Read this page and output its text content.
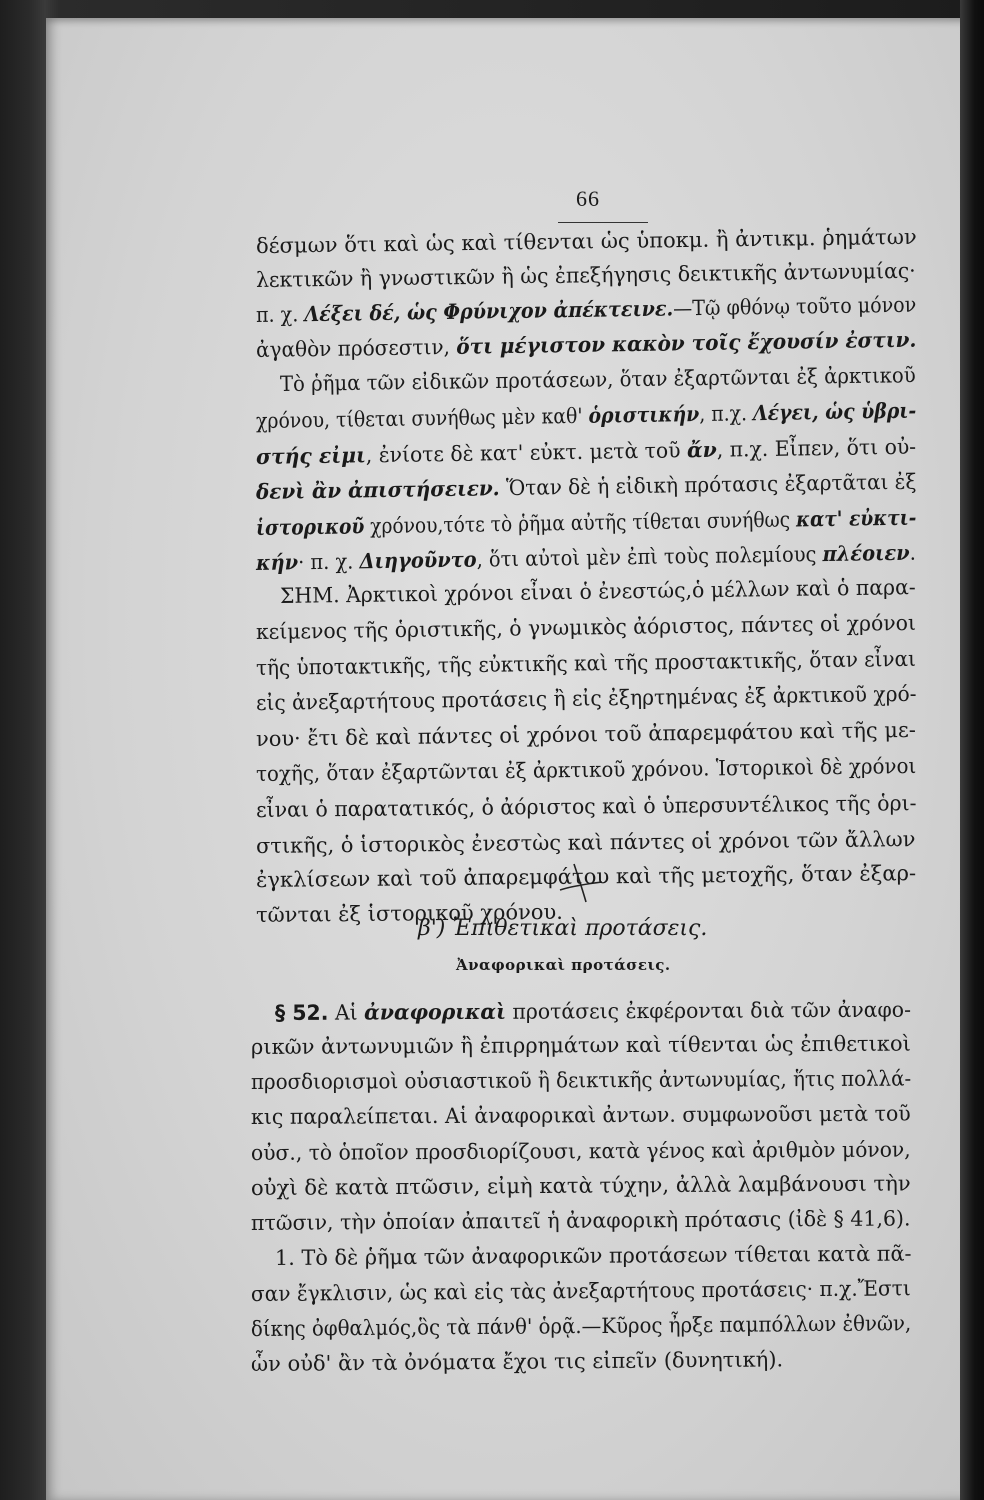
66
β') Ἐπιθετικαὶ προτάσεις.
Ἀναφορικαὶ προτάσεις.
δέσμων ὅτι καὶ ὡς καὶ τίθενται ὡς ὑποκμ. ἢ ἀντικμ. ῥημάτων
λεκτικῶν ἢ γνωστικῶν ἢ ὡς ἐπεξήγησις δεικτικῆς ἀντωνυμίας·
π. χ. Λέξει δέ, ὡς Φρύνιχον ἀπέκτεινε.—Τῷ φθόνῳ τοῦτο μόνον
ἀγαθὸν πρόσεστιν, ὅτι μέγιστον κακὸν τοῖς ἔχουσίν ἐστιν.
Τὸ ῥῆμα τῶν εἰδικῶν προτάσεων, ὅταν ἐξαρτῶνται ἐξ ἀρκτικοῦ
χρόνου, τίθεται συνήθως μὲν καθ' ὁριστικήν, π.χ. Λέγει, ὡς ὑβρι-
στής εἰμι, ἐνίοτε δὲ κατ' εὐκτ. μετὰ τοῦ ἄν, π.χ. Εἶπεν, ὅτι οὐ-
δενὶ ἂν ἀπιστήσειεν. Ὅταν δὲ ἡ εἰδικὴ πρότασις ἐξαρτᾶται ἐξ
ἱστορικοῦ χρόνου,τότε τὸ ῥῆμα αὐτῆς τίθεται συνήθως κατ' εὐκτι-
κήν· π. χ. Διηγοῦντο, ὅτι αὐτοὶ μὲν ἐπὶ τοὺς πολεμίους πλέοιεν.
ΣΗΜ. Ἀρκτικοὶ χρόνοι εἶναι ὁ ἐνεστώς,ὁ μέλλων καὶ ὁ παρα-
κείμενος τῆς ὁριστικῆς, ὁ γνωμικὸς ἀόριστος, πάντες οἱ χρόνοι
τῆς ὑποτακτικῆς, τῆς εὐκτικῆς καὶ τῆς προστακτικῆς, ὅταν εἶναι
εἰς ἀνεξαρτήτους προτάσεις ἢ εἰς ἐξηρτημένας ἐξ ἀρκτικοῦ χρό-
νου· ἔτι δὲ καὶ πάντες οἱ χρόνοι τοῦ ἀπαρεμφάτου καὶ τῆς με-
τοχῆς, ὅταν ἐξαρτῶνται ἐξ ἀρκτικοῦ χρόνου. Ἱστορικοὶ δὲ χρόνοι
εἶναι ὁ παρατατικός, ὁ ἀόριστος καὶ ὁ ὑπερσυντέλικος τῆς ὁρι-
στικῆς, ὁ ἱστορικὸς ἐνεστὼς καὶ πάντες οἱ χρόνοι τῶν ἄλλων
ἐγκλίσεων καὶ τοῦ ἀπαρεμφάτου καὶ τῆς μετοχῆς, ὅταν ἐξαρ-
τῶνται ἐξ ἱστορικοῦ χρόνου.
§ 52. Αἱ ἀναφορικαὶ προτάσεις ἐκφέρονται διὰ τῶν ἀναφο-
ρικῶν ἀντωνυμιῶν ἢ ἐπιρρημάτων καὶ τίθενται ὡς ἐπιθετικοὶ
προσδιορισμοὶ οὐσιαστικοῦ ἢ δεικτικῆς ἀντωνυμίας, ἥτις πολλά-
κις παραλείπεται. Αἱ ἀναφορικαὶ ἀντων. συμφωνοῦσι μετὰ τοῦ
οὐσ., τὸ ὁποῖον προσδιορίζουσι, κατὰ γένος καὶ ἀριθμὸν μόνον,
οὐχὶ δὲ κατὰ πτῶσιν, εἰμὴ κατὰ τύχην, ἀλλὰ λαμβάνουσι τὴν
πτῶσιν, τὴν ὁποίαν ἀπαιτεῖ ἡ ἀναφορικὴ πρότασις (ἰδὲ § 41,6).
1. Τὸ δὲ ῥῆμα τῶν ἀναφορικῶν προτάσεων τίθεται κατὰ πᾶ-
σαν ἔγκλισιν, ὡς καὶ εἰς τὰς ἀνεξαρτήτους προτάσεις· π.χ.Ἔστι
δίκης ὀφθαλμός,ὃς τὰ πάνθ' ὁρᾷ.—Κῦρος ἦρξε παμπόλλων ἐθνῶν,
ὧν οὐδ' ἂν τὰ ὀνόματα ἔχοι τις εἰπεῖν (δυνητική).
